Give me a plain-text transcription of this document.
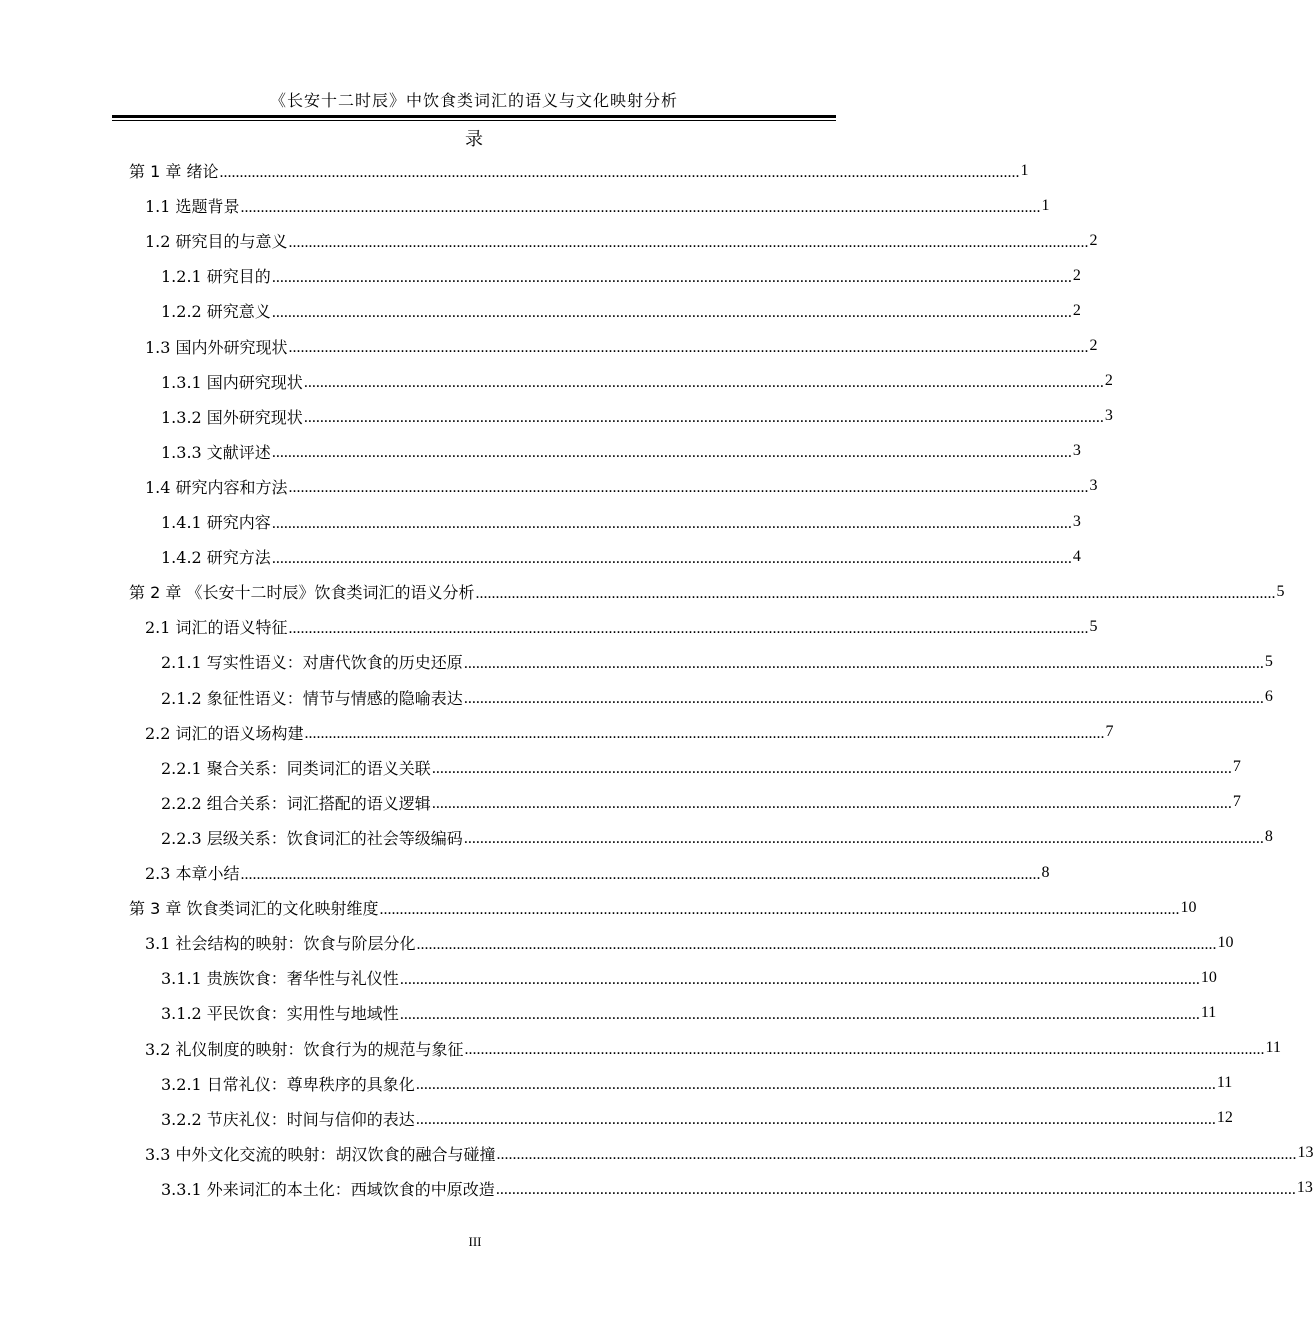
《长安十二时辰》中饮食类词汇的语义与文化映射分析
录
第 1 章 绪论 ........................................................................................................................................................................................................ 1
1.1 选题背景 ........................................................................................................................................................................................................ 1
1.2 研究目的与意义 ........................................................................................................................................................................................................ 2
1.2.1 研究目的 ........................................................................................................................................................................................................ 2
1.2.2 研究意义 ........................................................................................................................................................................................................ 2
1.3 国内外研究现状 ........................................................................................................................................................................................................ 2
1.3.1 国内研究现状 ........................................................................................................................................................................................................ 2
1.3.2 国外研究现状 ........................................................................................................................................................................................................ 3
1.3.3 文献评述 ........................................................................................................................................................................................................ 3
1.4 研究内容和方法 ........................................................................................................................................................................................................ 3
1.4.1 研究内容 ........................................................................................................................................................................................................ 3
1.4.2 研究方法 ........................................................................................................................................................................................................ 4
第 2 章 《长安十二时辰》饮食类词汇的语义分析 ........................................................................................................................................................................................................ 5
2.1 词汇的语义特征 ........................................................................................................................................................................................................ 5
2.1.1 写实性语义：对唐代饮食的历史还原 ........................................................................................................................................................................................................ 5
2.1.2 象征性语义：情节与情感的隐喻表达 ........................................................................................................................................................................................................ 6
2.2 词汇的语义场构建 ........................................................................................................................................................................................................ 7
2.2.1 聚合关系：同类词汇的语义关联 ........................................................................................................................................................................................................ 7
2.2.2 组合关系：词汇搭配的语义逻辑 ........................................................................................................................................................................................................ 7
2.2.3 层级关系：饮食词汇的社会等级编码 ........................................................................................................................................................................................................ 8
2.3 本章小结 ........................................................................................................................................................................................................ 8
第 3 章 饮食类词汇的文化映射维度 ........................................................................................................................................................................................................ 10
3.1 社会结构的映射：饮食与阶层分化 ........................................................................................................................................................................................................ 10
3.1.1 贵族饮食：奢华性与礼仪性 ........................................................................................................................................................................................................ 10
3.1.2 平民饮食：实用性与地域性 ........................................................................................................................................................................................................ 11
3.2 礼仪制度的映射：饮食行为的规范与象征 ........................................................................................................................................................................................................ 11
3.2.1 日常礼仪：尊卑秩序的具象化 ........................................................................................................................................................................................................ 11
3.2.2 节庆礼仪：时间与信仰的表达 ........................................................................................................................................................................................................ 12
3.3 中外文化交流的映射：胡汉饮食的融合与碰撞 ........................................................................................................................................................................................................ 13
3.3.1 外来词汇的本土化：西域饮食的中原改造 ........................................................................................................................................................................................................ 13
III
